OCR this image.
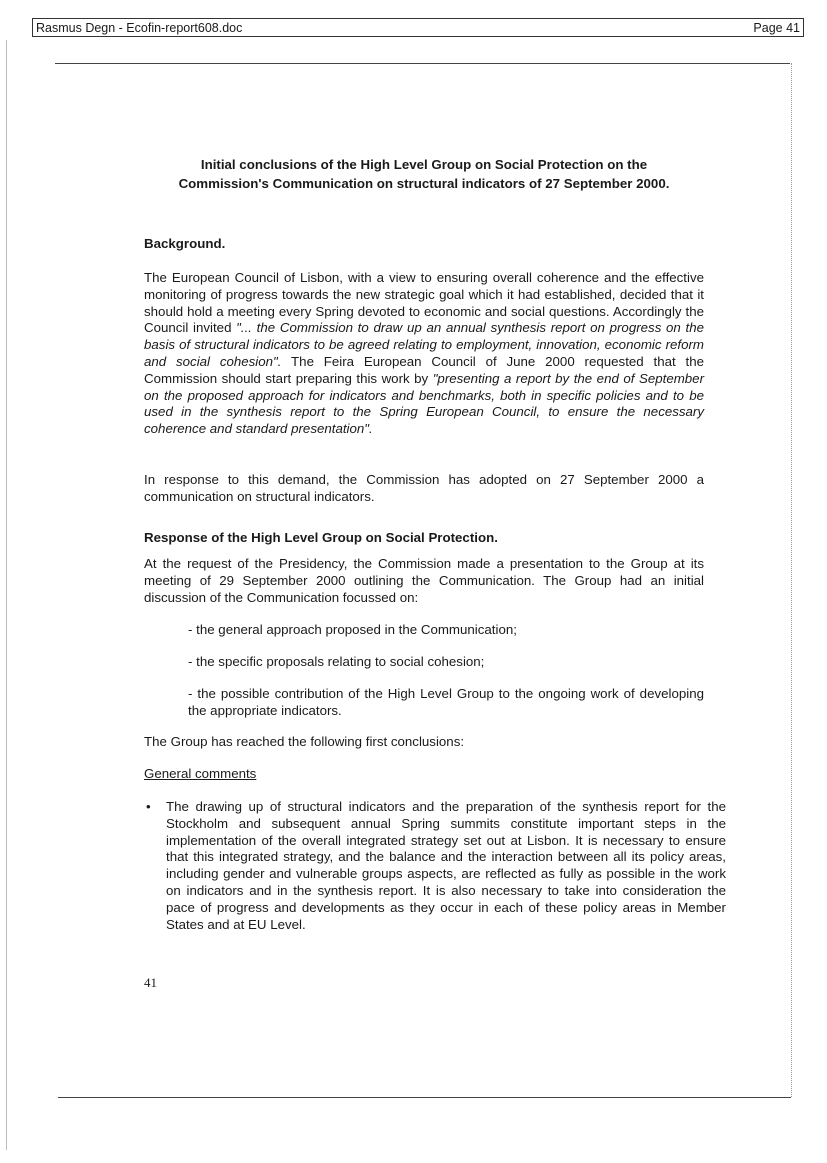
Rasmus Degn - Ecofin-report608.doc	Page 41
Initial conclusions of the High Level Group on Social Protection on the
Commission's Communication on structural indicators of 27 September 2000.
Background.

The European Council of Lisbon, with a view to ensuring overall coherence and the effective monitoring of progress towards the new strategic goal which it had established, decided that it should hold a meeting every Spring devoted to economic and social questions. Accordingly the Council invited "... the Commission to draw up an annual synthesis report on progress on the basis of structural indicators to be agreed relating to employment, innovation, economic reform and social cohesion". The Feira European Council of June 2000 requested that the Commission should start preparing this work by "presenting a report by the end of September on the proposed approach for indicators and benchmarks, both in specific policies and to be used in the synthesis report to the Spring European Council, to ensure the necessary coherence and standard presentation".

In response to this demand, the Commission has adopted on 27 September 2000 a communication on structural indicators.

Response of the High Level Group on Social Protection.

At the request of the Presidency, the Commission made a presentation to the Group at its meeting of 29 September 2000 outlining the Communication. The Group had an initial discussion of the Communication focussed on:

- the general approach proposed in the Communication;

- the specific proposals relating to social cohesion;

- the possible contribution of the High Level Group to the ongoing work of developing the appropriate indicators.

The Group has reached the following first conclusions:

General comments

• The drawing up of structural indicators and the preparation of the synthesis report for the Stockholm and subsequent annual Spring summits constitute important steps in the implementation of the overall integrated strategy set out at Lisbon. It is necessary to ensure that this integrated strategy, and the balance and the interaction between all its policy areas, including gender and vulnerable groups aspects, are reflected as fully as possible in the work on indicators and in the synthesis report. It is also necessary to take into consideration the pace of progress and developments as they occur in each of these policy areas in Member States and at EU Level.

41
